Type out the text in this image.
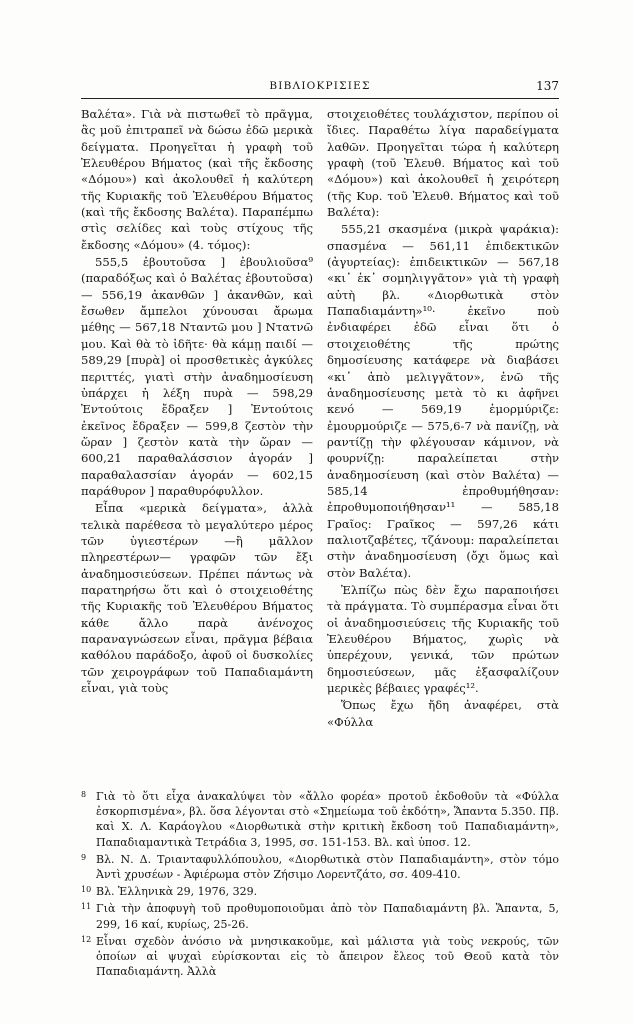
ΒΙΒΛΙΟΚΡΙΣΙΕΣ	137

Βαλέτα». Γιὰ νὰ πιστωθεῖ τὸ πρᾶγμα, ἂς μοῦ ἐπιτραπεῖ νὰ δώσω ἐδῶ μερικὰ δείγματα. Προηγεῖται ἡ γραφὴ τοῦ Ἐλευθέρου Βήματος (καὶ τῆς ἔκδοσης «Δόμου») καὶ ἀκολουθεῖ ἡ καλύτερη τῆς Κυριακῆς τοῦ Ἐλευθέρου Βήματος (καὶ τῆς ἔκδοσης Βαλέτα). Παραπέμπω στὶς σελίδες καὶ τοὺς στίχους τῆς ἔκδοσης «Δόμου» (4. τόμος):

555,5 ἐβουτοῦσα ] ἐβουλιοῦσα⁹ (παραδόξως καὶ ὁ Βαλέτας ἐβουτοῦσα) — 556,19 ἀκανθῶν ] ἀκανθῶν, καὶ ἔσωθεν ἄμπελοι χύνουσαι ἄρωμα μέθης — 567,18 Νταντῶ μου ] Ντατνῶ μου. Καὶ θὰ τὸ ἰδῆτε· θὰ κάμῃ παιδί — 589,29 [πυρὰ] οἱ προσθετικὲς ἀγκύλες περιττές, γιατὶ στὴν ἀναδημοσίευση ὑπάρχει ἡ λέξη πυρὰ — 598,29 Ἐντούτοις ἔδραξεν ] Ἐντούτοις ἐκεῖνος ἔδραξεν — 599,8 ζεστὸν τὴν ὥραν ] ζεστὸν κατὰ τὴν ὥραν — 600,21 παραθαλάσσιον ἀγοράν ] παραθαλασσίαν ἀγοράν — 602,15 παράθυρον ] παραθυρόφυλλον.

Εἶπα «μερικὰ δείγματα», ἀλλὰ τελικὰ παρέθεσα τὸ μεγαλύτερο μέρος τῶν ὑγιεστέρων —ἢ μᾶλλον πληρεστέρων— γραφῶν τῶν ἔξι ἀναδημοσιεύσεων. Πρέπει πάντως νὰ παρατηρήσω ὅτι καὶ ὁ στοιχειοθέτης τῆς Κυριακῆς τοῦ Ἐλευθέρου Βήματος κάθε ἄλλο παρὰ ἀνένοχος παραναγνώσεων εἶναι, πρᾶγμα βέβαια καθόλου παράδοξο, ἀφοῦ οἱ δυσκολίες τῶν χειρογράφων τοῦ Παπαδιαμάντη εἶναι, γιὰ τοὺς

στοιχειοθέτες τουλάχιστον, περίπου οἱ ἴδιες. Παραθέτω λίγα παραδείγματα λαθῶν. Προηγεῖται τώρα ἡ καλύτερη γραφὴ (τοῦ Ἐλευθ. Βήματος καὶ τοῦ «Δόμου») καὶ ἀκολουθεῖ ἡ χειρότερη (τῆς Κυρ. τοῦ Ἐλευθ. Βήματος καὶ τοῦ Βαλέτα):

555,21 σκασμένα (μικρὰ ψαράκια): σπασμένα — 561,11 ἐπιδεκτικῶν (ἀγυρτείας): ἐπιδεικτικῶν — 567,18 «κι᾿ ἐκ᾿ σομηλιγγᾶτον» γιὰ τὴ γραφὴ αὐτὴ βλ. «Διορθωτικὰ στὸν Παπαδιαμάντη»¹⁰· ἐκεῖνο ποὺ ἐνδιαφέρει ἐδῶ εἶναι ὅτι ὁ στοιχειοθέτης τῆς πρώτης δημοσίευσης κατάφερε νὰ διαβάσει «κι᾿ ἀπὸ μελιγγᾶτον», ἐνῶ τῆς ἀναδημοσίευσης μετὰ τὸ κι ἀφῆνει κενό — 569,19 ἐμορμύριζε: ἐμουρμούριζε — 575,6-7 νὰ πανίζῃ, νὰ ραντίζῃ τὴν φλέγουσαν κάμινον, νὰ φουρνίζῃ: παραλείπεται στὴν ἀναδημοσίευση (καὶ στὸν Βαλέτα) — 585,14 ἐπροθυμήθησαν: ἐπροθυμοποιήθησαν¹¹ — 585,18 Γραῖος: Γραῖκος — 597,26 κάτι παλιοτζαβέτες, τζάνουμ: παραλείπεται στὴν ἀναδημοσίευση (ὄχι ὅμως καὶ στὸν Βαλέτα).

Ἐλπίζω πὼς δὲν ἔχω παραποιήσει τὰ πράγματα. Τὸ συμπέρασμα εἶναι ὅτι οἱ ἀναδημοσιεύσεις τῆς Κυριακῆς τοῦ Ἐλευθέρου Βήματος, χωρὶς νὰ ὑπερέχουν, γενικά, τῶν πρώτων δημοσιεύσεων, μᾶς ἐξασφαλίζουν μερικὲς βέβαιες γραφές¹².

Ὅπως ἔχω ἤδη ἀναφέρει, στὰ «Φύλλα

8 Γιὰ τὸ ὅτι εἶχα ἀνακαλύψει τὸν «ἄλλο φορέα» προτοῦ ἐκδοθοῦν τὰ «Φύλλα ἐσκορπισμένα», βλ. ὅσα λέγονται στὸ «Σημείωμα τοῦ ἐκδότη», Ἅπαντα 5.350. Πβ. καὶ Χ. Λ. Καράογλου «Διορθωτικὰ στὴν κριτικὴ ἔκδοση τοῦ Παπαδιαμάντη», Παπαδιαμαντικὰ Τετράδια 3, 1995, σσ. 151-153. Βλ. καὶ ὑποσ. 12.

9 Βλ. Ν. Δ. Τριανταφυλλόπουλου, «Διορθωτικὰ στὸν Παπαδιαμάντη», στὸν τόμο Ἀντὶ χρυσέων - Ἀφιέρωμα στὸν Ζήσιμο Λορεντζάτο, σσ. 409-410.

10 Βλ. Ἑλληνικὰ 29, 1976, 329.

11 Γιὰ τὴν ἀποφυγὴ τοῦ προθυμοποιοῦμαι ἀπὸ τὸν Παπαδιαμάντη βλ. Ἅπαντα, 5, 299, 16 καί, κυρίως, 25-26.

12 Εἶναι σχεδὸν ἀνόσιο νὰ μνησικακοῦμε, καὶ μάλιστα γιὰ τοὺς νεκρούς, τῶν ὁποίων αἱ ψυχαὶ εὑρίσκονται εἰς τὸ ἄπειρον ἔλεος τοῦ Θεοῦ κατὰ τὸν Παπαδιαμάντη. Ἀλλὰ
